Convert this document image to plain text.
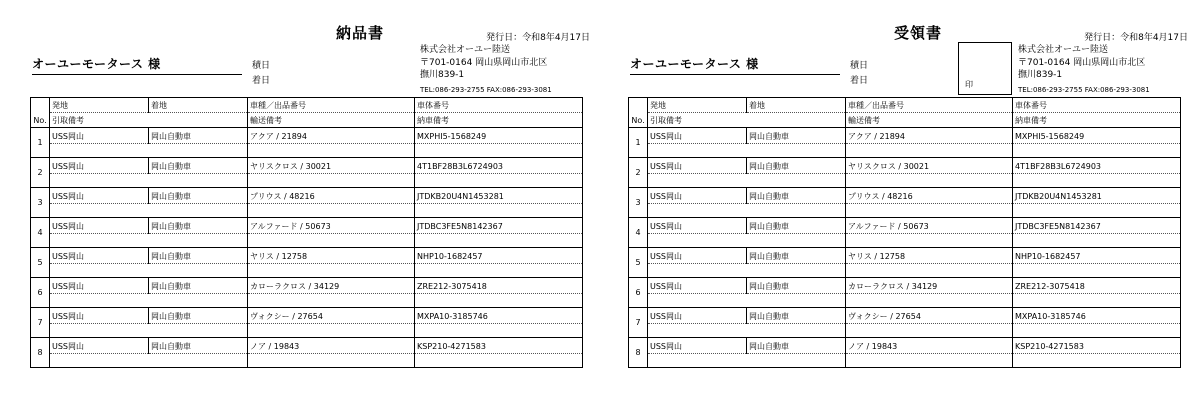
納品書	発行日：令和8年4月17日
オーユーモータース 様	積日
着日
株式会社オーユー陸送
〒701-0164 岡山県岡山市北区
撫川839-1
TEL:086-293-2755 FAX:086-293-3081
No.	発地	着地	車種／出品番号	車体番号
	引取備考		輸送備考	納車備考
1	USS岡山	岡山自動車	アクア / 21894	MXPHI5-1568249

2	USS岡山	岡山自動車	ヤリスクロス / 30021	4T1BF28B3L6724903

3	USS岡山	岡山自動車	プリウス / 48216	JTDKB20U4N1453281

4	USS岡山	岡山自動車	アルファード / 50673	JTDBC3FE5N8142367

5	USS岡山	岡山自動車	ヤリス / 12758	NHP10-1682457

6	USS岡山	岡山自動車	カローラクロス / 34129	ZRE212-3075418

7	USS岡山	岡山自動車	ヴォクシー / 27654	MXPA10-3185746

8	USS岡山	岡山自動車	ノア / 19843	KSP210-4271583

受領書	発行日：令和8年4月17日
オーユーモータース 様	積日
着日	印
株式会社オーユー陸送
〒701-0164 岡山県岡山市北区
撫川839-1
TEL:086-293-2755 FAX:086-293-3081
No.	発地	着地	車種／出品番号	車体番号
	引取備考		輸送備考	納車備考
1	USS岡山	岡山自動車	アクア / 21894	MXPHI5-1568249

2	USS岡山	岡山自動車	ヤリスクロス / 30021	4T1BF28B3L6724903

3	USS岡山	岡山自動車	プリウス / 48216	JTDKB20U4N1453281

4	USS岡山	岡山自動車	アルファード / 50673	JTDBC3FE5N8142367

5	USS岡山	岡山自動車	ヤリス / 12758	NHP10-1682457

6	USS岡山	岡山自動車	カローラクロス / 34129	ZRE212-3075418

7	USS岡山	岡山自動車	ヴォクシー / 27654	MXPA10-3185746

8	USS岡山	岡山自動車	ノア / 19843	KSP210-4271583
